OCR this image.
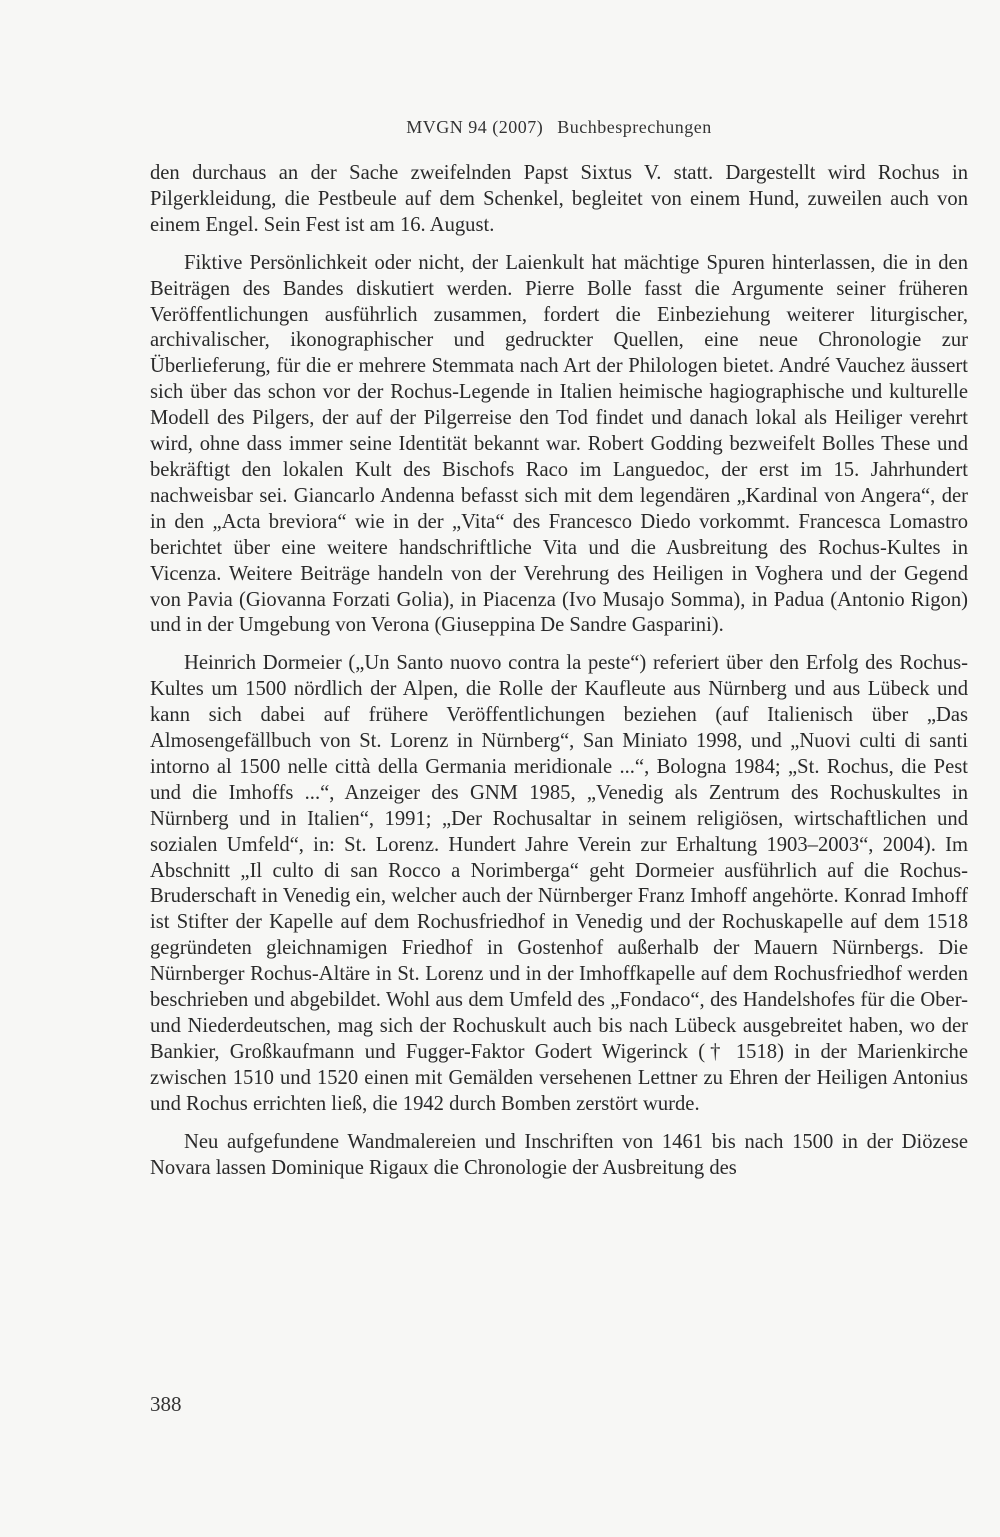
MVGN 94 (2007) Buchbesprechungen

den durchaus an der Sache zweifelnden Papst Sixtus V. statt. Dargestellt wird Rochus in Pilgerkleidung, die Pestbeule auf dem Schenkel, begleitet von einem Hund, zuweilen auch von einem Engel. Sein Fest ist am 16. August.

Fiktive Persönlichkeit oder nicht, der Laienkult hat mächtige Spuren hinterlassen, die in den Beiträgen des Bandes diskutiert werden. Pierre Bolle fasst die Argumente seiner früheren Veröffentlichungen ausführlich zusammen, fordert die Einbeziehung weiterer liturgischer, archivalischer, ikonographischer und gedruckter Quellen, eine neue Chronologie zur Überlieferung, für die er mehrere Stemmata nach Art der Philologen bietet. André Vauchez äussert sich über das schon vor der Rochus-Legende in Italien heimische hagiographische und kulturelle Modell des Pilgers, der auf der Pilgerreise den Tod findet und danach lokal als Heiliger verehrt wird, ohne dass immer seine Identität bekannt war. Robert Godding bezweifelt Bolles These und bekräftigt den lokalen Kult des Bischofs Raco im Languedoc, der erst im 15. Jahrhundert nachweisbar sei. Giancarlo Andenna befasst sich mit dem legendären „Kardinal von Angera“, der in den „Acta breviora“ wie in der „Vita“ des Francesco Diedo vorkommt. Francesca Lomastro berichtet über eine weitere handschriftliche Vita und die Ausbreitung des Rochus-Kultes in Vicenza. Weitere Beiträge handeln von der Verehrung des Heiligen in Voghera und der Gegend von Pavia (Giovanna Forzati Golia), in Piacenza (Ivo Musajo Somma), in Padua (Antonio Rigon) und in der Umgebung von Verona (Giuseppina De Sandre Gasparini).

Heinrich Dormeier („Un Santo nuovo contra la peste“) referiert über den Erfolg des Rochus-Kultes um 1500 nördlich der Alpen, die Rolle der Kaufleute aus Nürnberg und aus Lübeck und kann sich dabei auf frühere Veröffentlichungen beziehen (auf Italienisch über „Das Almosengefällbuch von St. Lorenz in Nürnberg“, San Miniato 1998, und „Nuovi culti di santi intorno al 1500 nelle città della Germania meridionale ...“, Bologna 1984; „St. Rochus, die Pest und die Imhoffs ...“, Anzeiger des GNM 1985, „Venedig als Zentrum des Rochuskultes in Nürnberg und in Italien“, 1991; „Der Rochusaltar in seinem religiösen, wirtschaftlichen und sozialen Umfeld“, in: St. Lorenz. Hundert Jahre Verein zur Erhaltung 1903–2003“, 2004). Im Abschnitt „Il culto di san Rocco a Norimberga“ geht Dormeier ausführlich auf die Rochus-Bruderschaft in Venedig ein, welcher auch der Nürnberger Franz Imhoff angehörte. Konrad Imhoff ist Stifter der Kapelle auf dem Rochusfriedhof in Venedig und der Rochuskapelle auf dem 1518 gegründeten gleichnamigen Friedhof in Gostenhof außerhalb der Mauern Nürnbergs. Die Nürnberger Rochus-Altäre in St. Lorenz und in der Imhoffkapelle auf dem Rochusfriedhof werden beschrieben und abgebildet. Wohl aus dem Umfeld des „Fondaco“, des Handelshofes für die Ober- und Niederdeutschen, mag sich der Rochuskult auch bis nach Lübeck ausgebreitet haben, wo der Bankier, Großkaufmann und Fugger-Faktor Godert Wigerinck († 1518) in der Marienkirche zwischen 1510 und 1520 einen mit Gemälden versehenen Lettner zu Ehren der Heiligen Antonius und Rochus errichten ließ, die 1942 durch Bomben zerstört wurde.

Neu aufgefundene Wandmalereien und Inschriften von 1461 bis nach 1500 in der Diözese Novara lassen Dominique Rigaux die Chronologie der Ausbreitung des

388
